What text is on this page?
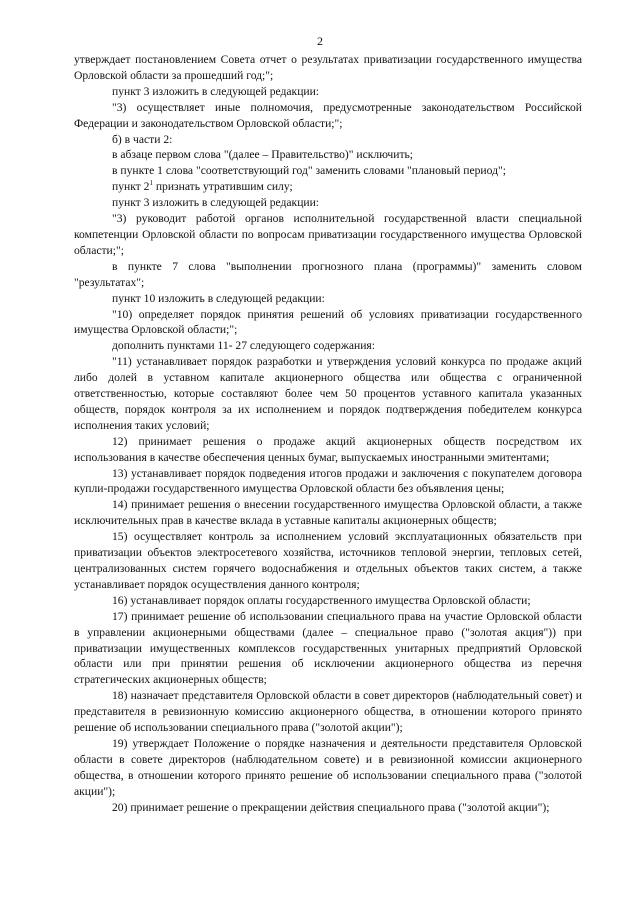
2

утверждает постановлением Совета отчет о результатах приватизации государственного имущества Орловской области за прошедший год;";

пункт 3 изложить в следующей редакции:

"3) осуществляет иные полномочия, предусмотренные законодательством Российской Федерации и законодательством Орловской области;";

б) в части 2:

в абзаце первом слова "(далее – Правительство)" исключить;

в пункте 1 слова "соответствующий год" заменить словами "плановый период";

пункт $2^1$ признать утратившим силу;

пункт 3 изложить в следующей редакции:

"3) руководит работой органов исполнительной государственной власти специальной компетенции Орловской области по вопросам приватизации государственного имущества Орловской области;";

в пункте 7 слова "выполнении прогнозного плана (программы)" заменить словом "результатах";

пункт 10 изложить в следующей редакции:

"10) определяет порядок принятия решений об условиях приватизации государственного имущества Орловской области;";

дополнить пунктами 11- 27 следующего содержания:

"11) устанавливает порядок разработки и утверждения условий конкурса по продаже акций либо долей в уставном капитале акционерного общества или общества с ограниченной ответственностью, которые составляют более чем 50 процентов уставного капитала указанных обществ, порядок контроля за их исполнением и порядок подтверждения победителем конкурса исполнения таких условий;

12) принимает решения о продаже акций акционерных обществ посредством их использования в качестве обеспечения ценных бумаг, выпускаемых иностранными эмитентами;

13) устанавливает порядок подведения итогов продажи и заключения с покупателем договора купли-продажи государственного имущества Орловской области без объявления цены;

14) принимает решения о внесении государственного имущества Орловской области, а также исключительных прав в качестве вклада в уставные капиталы акционерных обществ;

15) осуществляет контроль за исполнением условий эксплуатационных обязательств при приватизации объектов электросетевого хозяйства, источников тепловой энергии, тепловых сетей, централизованных систем горячего водоснабжения и отдельных объектов таких систем, а также устанавливает порядок осуществления данного контроля;

16) устанавливает порядок оплаты государственного имущества Орловской области;

17) принимает решение об использовании специального права на участие Орловской области в управлении акционерными обществами (далее – специальное право ("золотая акция")) при приватизации имущественных комплексов государственных унитарных предприятий Орловской области или при принятии решения об исключении акционерного общества из перечня стратегических акционерных обществ;

18) назначает представителя Орловской области в совет директоров (наблюдательный совет) и представителя в ревизионную комиссию акционерного общества, в отношении которого принято решение об использовании специального права ("золотой акции");

19) утверждает Положение о порядке назначения и деятельности представителя Орловской области в совете директоров (наблюдательном совете) и в ревизионной комиссии акционерного общества, в отношении которого принято решение об использовании специального права ("золотой акции");

20) принимает решение о прекращении действия специального права ("золотой акции");
